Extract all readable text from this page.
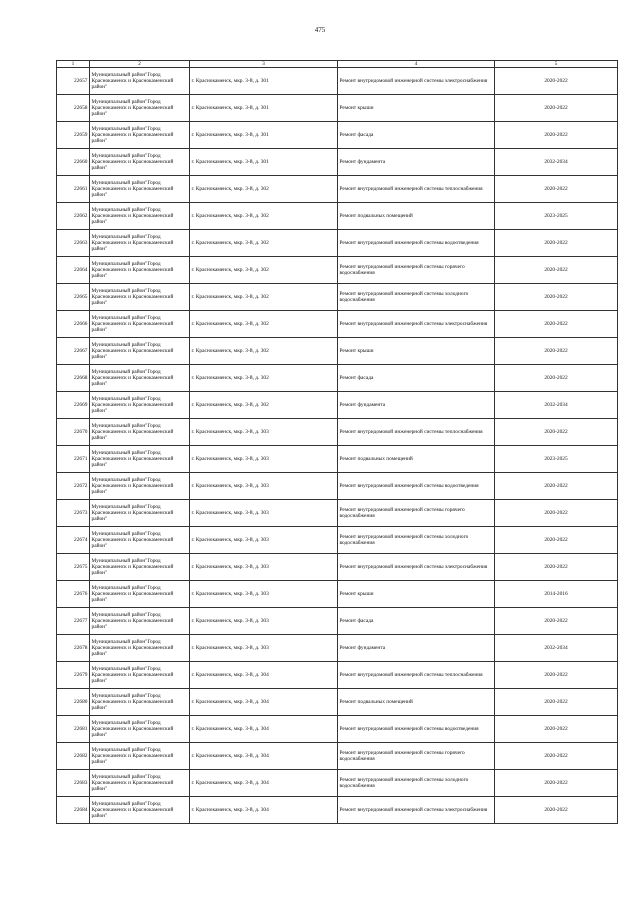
475
1	2	3	4	5
22657	Муниципальный район"Город Краснокаменск и Краснокаменский район"	г. Краснокаменск, мкр. 3-й, д. 301	Ремонт внутридомовой инженерной системы электроснабжения	2020-2022
22658	Муниципальный район"Город Краснокаменск и Краснокаменский район"	г. Краснокаменск, мкр. 3-й, д. 301	Ремонт крыши	2020-2022
22659	Муниципальный район"Город Краснокаменск и Краснокаменский район"	г. Краснокаменск, мкр. 3-й, д. 301	Ремонт фасада	2020-2022
22660	Муниципальный район"Город Краснокаменск и Краснокаменский район"	г. Краснокаменск, мкр. 3-й, д. 301	Ремонт фундамента	2032-2034
22661	Муниципальный район"Город Краснокаменск и Краснокаменский район"	г. Краснокаменск, мкр. 3-й, д. 302	Ремонт внутридомовой инженерной системы теплоснабжения	2020-2022
22662	Муниципальный район"Город Краснокаменск и Краснокаменский район"	г. Краснокаменск, мкр. 3-й, д. 302	Ремонт подвальных помещений	2023-2025
22663	Муниципальный район"Город Краснокаменск и Краснокаменский район"	г. Краснокаменск, мкр. 3-й, д. 302	Ремонт внутридомовой инженерной системы водоотведения	2020-2022
22664	Муниципальный район"Город Краснокаменск и Краснокаменский район"	г. Краснокаменск, мкр. 3-й, д. 302	Ремонт внутридомовой инженерной системы горячего водоснабжения	2020-2022
22665	Муниципальный район"Город Краснокаменск и Краснокаменский район"	г. Краснокаменск, мкр. 3-й, д. 302	Ремонт внутридомовой инженерной системы холодного водоснабжения	2020-2022
22666	Муниципальный район"Город Краснокаменск и Краснокаменский район"	г. Краснокаменск, мкр. 3-й, д. 302	Ремонт внутридомовой инженерной системы электроснабжения	2020-2022
22667	Муниципальный район"Город Краснокаменск и Краснокаменский район"	г. Краснокаменск, мкр. 3-й, д. 302	Ремонт крыши	2020-2022
22668	Муниципальный район"Город Краснокаменск и Краснокаменский район"	г. Краснокаменск, мкр. 3-й, д. 302	Ремонт фасада	2020-2022
22669	Муниципальный район"Город Краснокаменск и Краснокаменский район"	г. Краснокаменск, мкр. 3-й, д. 302	Ремонт фундамента	2032-2034
22670	Муниципальный район"Город Краснокаменск и Краснокаменский район"	г. Краснокаменск, мкр. 3-й, д. 303	Ремонт внутридомовой инженерной системы теплоснабжения	2020-2022
22671	Муниципальный район"Город Краснокаменск и Краснокаменский район"	г. Краснокаменск, мкр. 3-й, д. 303	Ремонт подвальных помещений	2023-2025
22672	Муниципальный район"Город Краснокаменск и Краснокаменский район"	г. Краснокаменск, мкр. 3-й, д. 303	Ремонт внутридомовой инженерной системы водоотведения	2020-2022
22673	Муниципальный район"Город Краснокаменск и Краснокаменский район"	г. Краснокаменск, мкр. 3-й, д. 303	Ремонт внутридомовой инженерной системы горячего водоснабжения	2020-2022
22674	Муниципальный район"Город Краснокаменск и Краснокаменский район"	г. Краснокаменск, мкр. 3-й, д. 303	Ремонт внутридомовой инженерной системы холодного водоснабжения	2020-2022
22675	Муниципальный район"Город Краснокаменск и Краснокаменский район"	г. Краснокаменск, мкр. 3-й, д. 303	Ремонт внутридомовой инженерной системы электроснабжения	2020-2022
22676	Муниципальный район"Город Краснокаменск и Краснокаменский район"	г. Краснокаменск, мкр. 3-й, д. 303	Ремонт крыши	2014-2016
22677	Муниципальный район"Город Краснокаменск и Краснокаменский район"	г. Краснокаменск, мкр. 3-й, д. 303	Ремонт фасада	2020-2022
22678	Муниципальный район"Город Краснокаменск и Краснокаменский район"	г. Краснокаменск, мкр. 3-й, д. 303	Ремонт фундамента	2032-2034
22679	Муниципальный район"Город Краснокаменск и Краснокаменский район"	г. Краснокаменск, мкр. 3-й, д. 304	Ремонт внутридомовой инженерной системы теплоснабжения	2020-2022
22680	Муниципальный район"Город Краснокаменск и Краснокаменский район"	г. Краснокаменск, мкр. 3-й, д. 304	Ремонт подвальных помещений	2020-2022
22681	Муниципальный район"Город Краснокаменск и Краснокаменский район"	г. Краснокаменск, мкр. 3-й, д. 304	Ремонт внутридомовой инженерной системы водоотведения	2020-2022
22682	Муниципальный район"Город Краснокаменск и Краснокаменский район"	г. Краснокаменск, мкр. 3-й, д. 304	Ремонт внутридомовой инженерной системы горячего водоснабжения	2020-2022
22683	Муниципальный район"Город Краснокаменск и Краснокаменский район"	г. Краснокаменск, мкр. 3-й, д. 304	Ремонт внутридомовой инженерной системы холодного водоснабжения	2020-2022
22684	Муниципальный район"Город Краснокаменск и Краснокаменский район"	г. Краснокаменск, мкр. 3-й, д. 304	Ремонт внутридомовой инженерной системы электроснабжения	2020-2022
